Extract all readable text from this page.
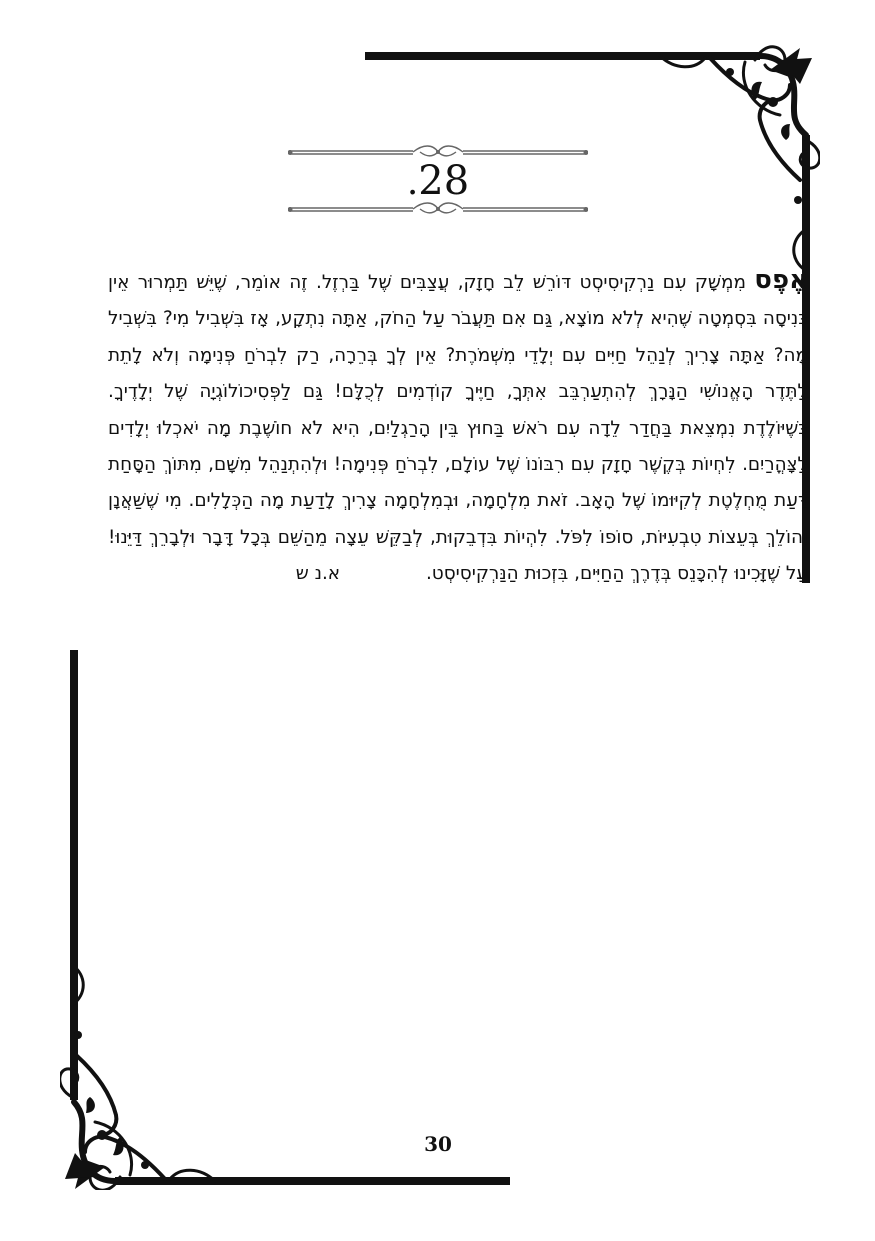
.28
אֶפֶס מִמְשָׁק עִם נַרְקִיסִיסְט דּוֹרֵשׁ לֵב חָזָק, עֲצַבִּים שֶׁל בַּרְזֶל. זֶה אוֹמֵר, שֶׁיֵּשׁ תַּמְרוּר אֵין כְּנִיסָה בִּסְמְטָה שֶׁהִיא לְלֹא מוֹצָא, גַּם אִם תַּעֲבֹר עַל הַחֹק, אַתָּה נִתְקָע, אָז בִּשְׁבִיל מִי? בִּשְׁבִיל מָה? אַתָּה צָרִיךְ לְנַהֵל חַיִּים עִם יְלָדֵי מִשְׁמֹרֶת? אֵין לְךָ בְּרֵרָה, רַק לִבְרֹחַ פְּנִימָה וְלֹא לָתֵת לַתֶּדֶר הָאֱנוֹשִׁי הַנָּרָךְ לְהִתְעַרְבֵּב אִתְּךָ, חַיֶּיךָ קוֹדְמִים לְכֻלָּם! גַּם לַפְּסִיכוֹלוֹגְיָה שֶׁל יְלָדֶיךָ. כְּשֶׁיּוֹלֶדֶת נִמְצֵאת בַּחֲדַר לֵדָה עִם רֹאשׁ בַּחוּץ בֵּין הָרַגְלַיִם, הִיא לֹא חוֹשֶׁבֶת מָה יֹאכְלוּ יְלָדִים לַצָּהֳרַיִם. לִחְיוֹת בְּקֶשֶׁר חָזָק עִם רִבּוֹנוֹ שֶׁל עוֹלָם, לִבְרֹחַ פְּנִימָה! וּלְהִתְנַהֵל מִשָּׁם, מִתּוֹךְ הַסָּחַת דַּעַת מֻחְלֶטֶת לְקִיּוּמוֹ שֶׁל הָאָב. זֹאת מִלְחָמָה, וּבְמִלְחָמָה צָרִיךְ לָדַעַת מָה הַכְּלָלִים. מִי שֶׁשַּׁאֲנָן וְהוֹלֵךְ בְּעֵצוֹת טִבְעִיּוֹת, סוֹפוֹ לִפֹּל. לִהְיוֹת בִּדְבֵקוּת, לְבַקֵּשׁ עֵצָה מֵהַשֵּׁם בְּכָל דָּבָר וּלְבָרֵךְ דַּיֵּנוּ! עַל שֶׁזָּכִינוּ לְהִכָּנֵס בְּדֶרֶךְ הַחַיִּים, בִּזְכוּת הַנַּרְקִיסִיסְט. א.נ ש
30
